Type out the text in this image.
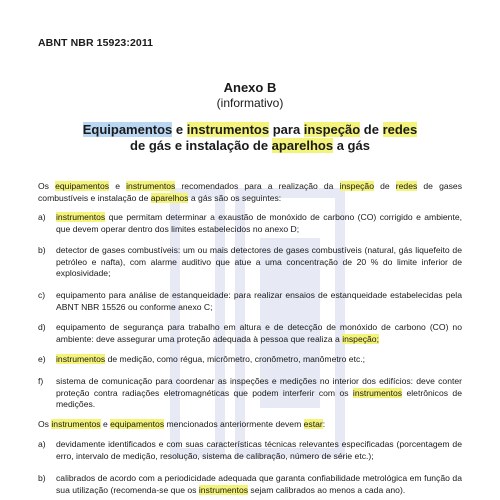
ABNT NBR 15923:2011
Anexo B
(informativo)
Equipamentos e instrumentos para inspeção de redes
de gás e instalação de aparelhos a gás
Os equipamentos e instrumentos recomendados para a realização da inspeção de redes de gases combustíveis e instalação de aparelhos a gás são os seguintes:
a)	instrumentos que permitam determinar a exaustão de monóxido de carbono (CO) corrigido e ambiente, que devem operar dentro dos limites estabelecidos no anexo D;
b)	detector de gases combustíveis: um ou mais detectores de gases combustíveis (natural, gás liquefeito de petróleo e nafta), com alarme auditivo que atue a uma concentração de 20 % do limite inferior de explosividade;
c)	equipamento para análise de estanqueidade: para realizar ensaios de estanqueidade estabelecidas pela ABNT NBR 15526 ou conforme anexo C;
d)	equipamento de segurança para trabalho em altura e de detecção de monóxido de carbono (CO) no ambiente: deve assegurar uma proteção adequada à pessoa que realiza a inspeção;
e)	instrumentos de medição, como régua, micrômetro, cronômetro, manômetro etc.;
f)	sistema de comunicação para coordenar as inspeções e medições no interior dos edifícios: deve conter proteção contra radiações eletromagnéticas que podem interferir com os instrumentos eletrônicos de medições.
Os instrumentos e equipamentos mencionados anteriormente devem estar:
a)	devidamente identificados e com suas características técnicas relevantes especificadas (porcentagem de erro, intervalo de medição, resolução, sistema de calibração, número de série etc.);
b)	calibrados de acordo com a periodicidade adequada que garanta confiabilidade metrológica em função da sua utilização (recomenda-se que os instrumentos sejam calibrados ao menos a cada ano).
